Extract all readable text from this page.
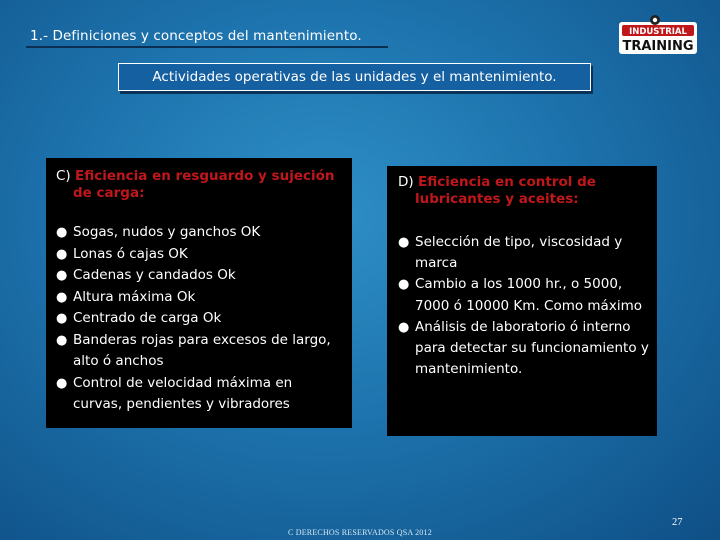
1.- Definiciones y conceptos del mantenimiento.	INDUSTRIAL
TRAINING
Actividades operativas de las unidades y el mantenimiento.
C) Eficiencia en resguardo y sujeción
de carga:
● Sogas, nudos y ganchos OK
● Lonas ó cajas OK
● Cadenas y candados Ok
● Altura máxima Ok
● Centrado de carga Ok
● Banderas rojas para excesos de largo, alto ó anchos
● Control de velocidad máxima en curvas, pendientes y vibradores
D) Eficiencia en control de
lubricantes y aceites:
● Selección de tipo, viscosidad y marca
● Cambio a los 1000 hr., o 5000, 7000 ó 10000 Km. Como máximo
● Análisis de laboratorio ó interno para detectar su funcionamiento y mantenimiento.
C DERECHOS RESERVADOS QSA 2012
27
